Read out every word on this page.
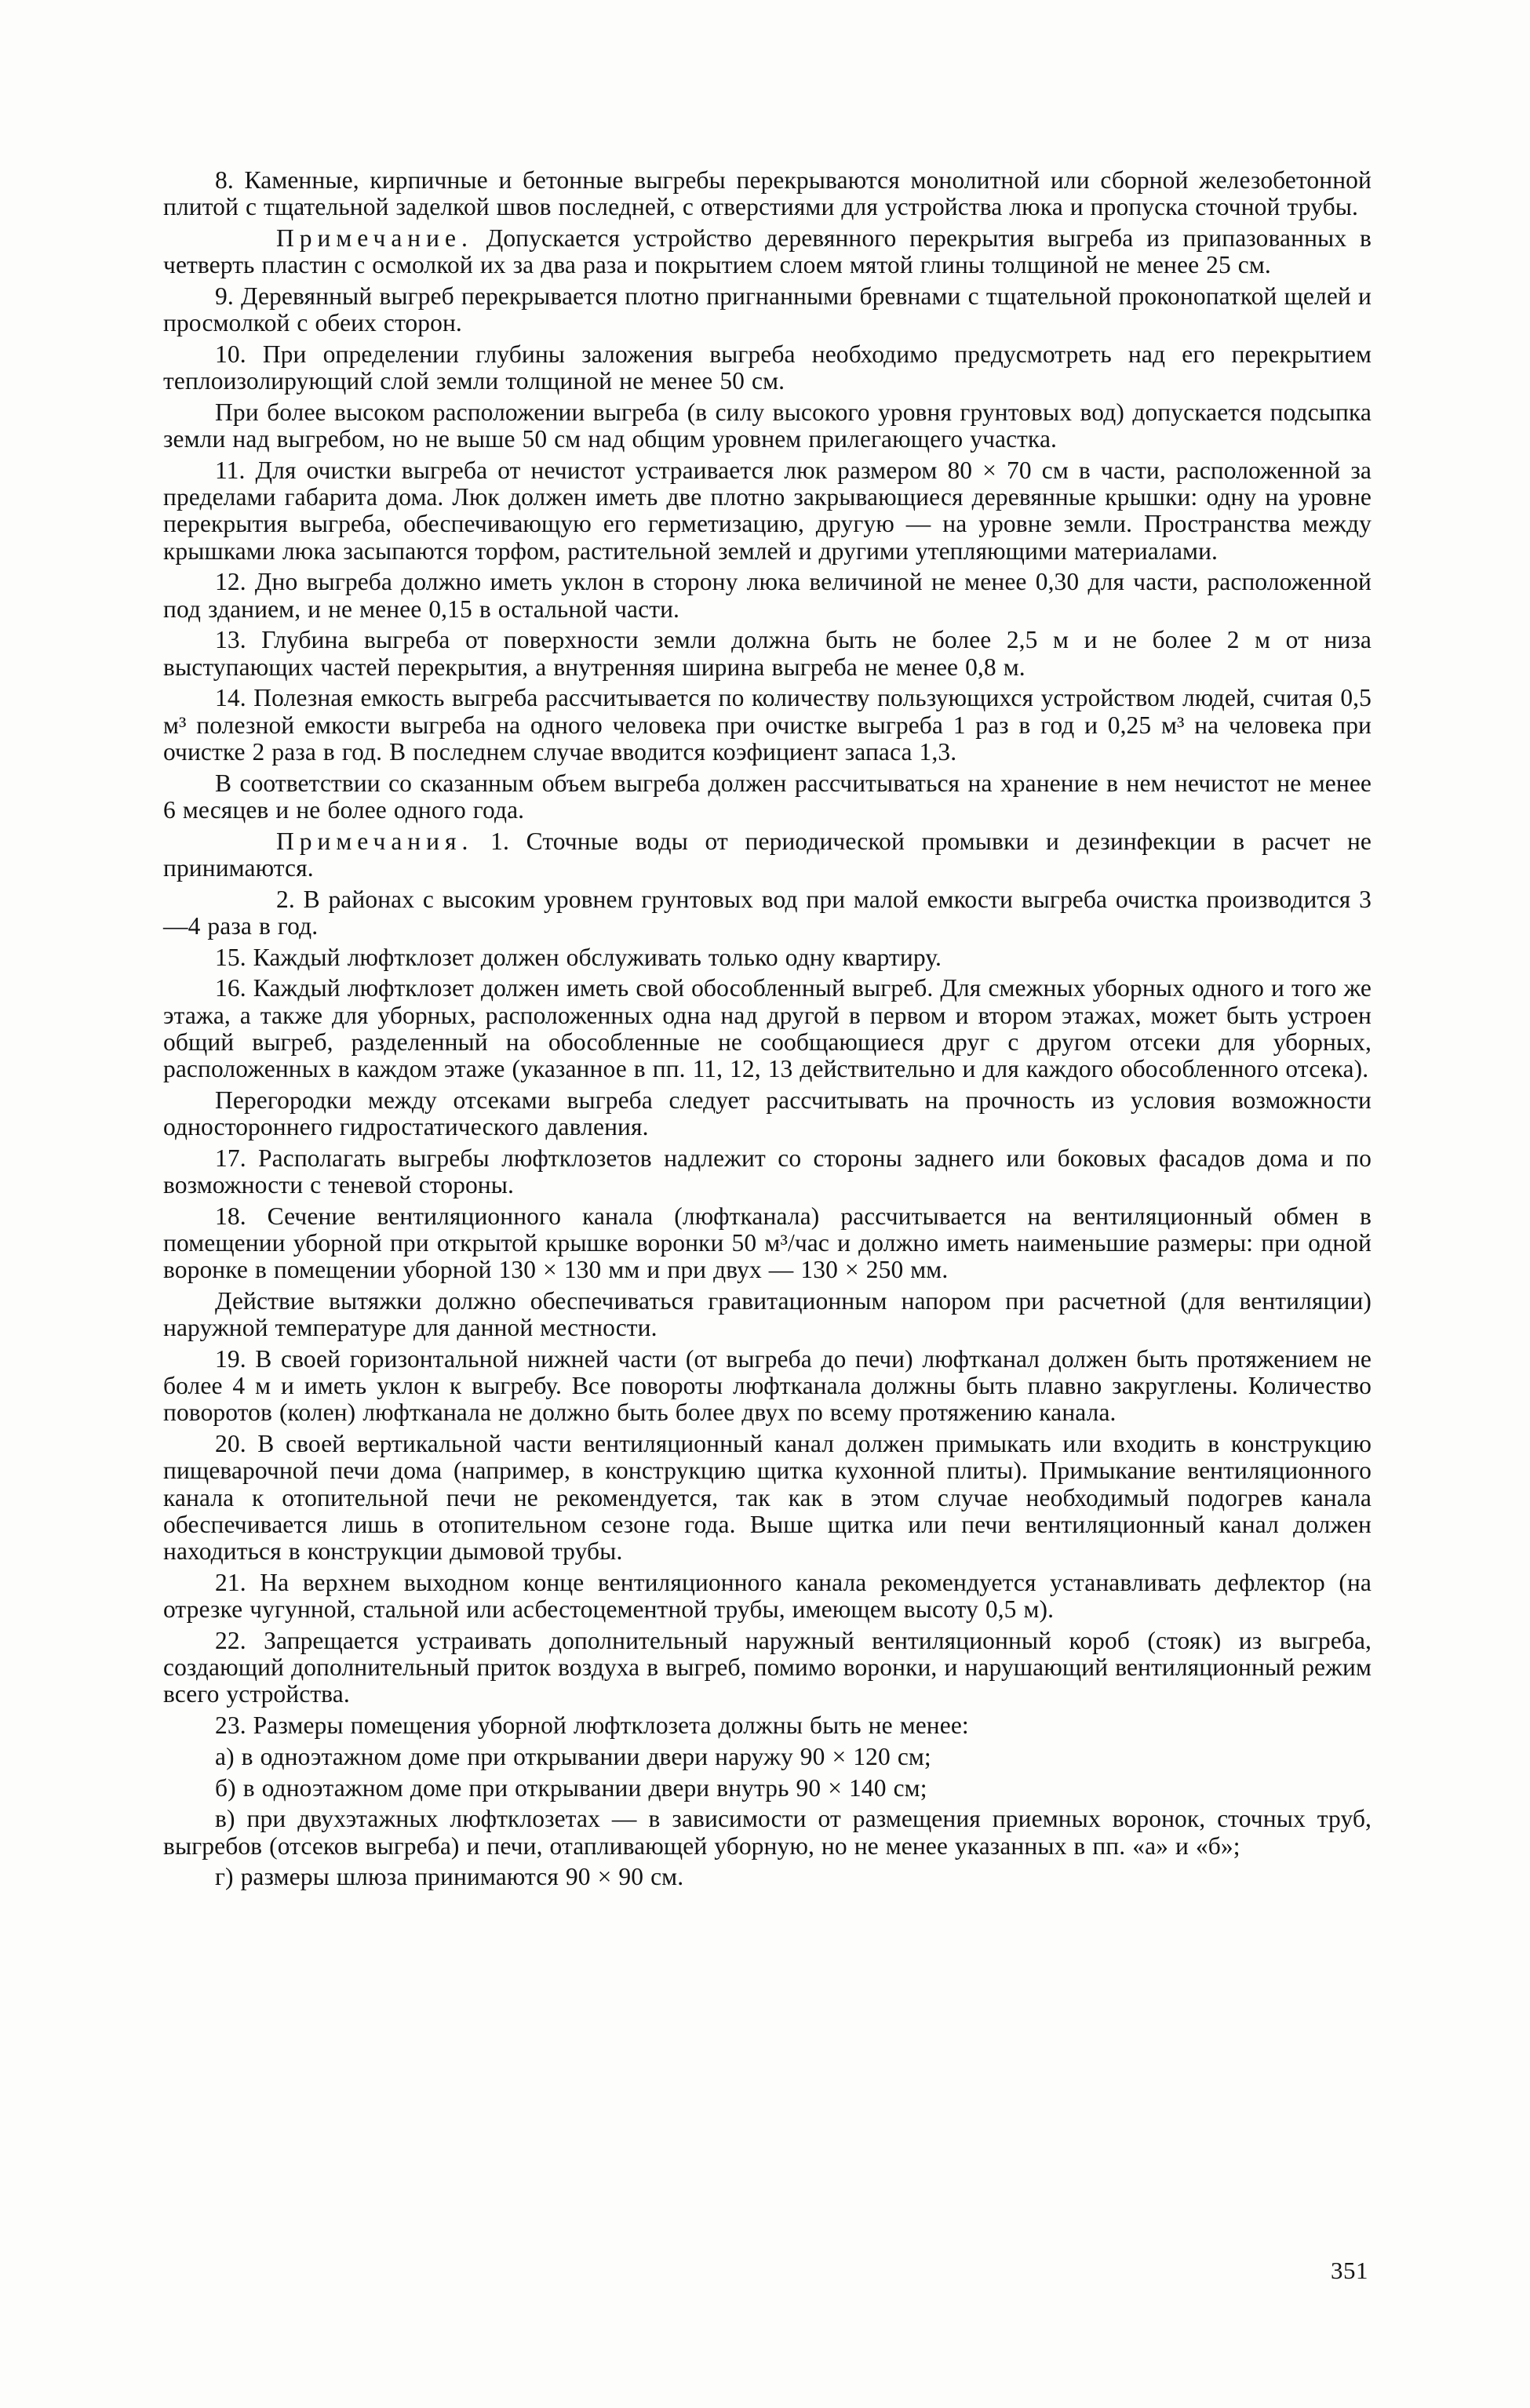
8. Каменные, кирпичные и бетонные выгребы перекрываются монолитной или сборной железобетонной плитой с тщательной заделкой швов последней, с отверстиями для устройства люка и пропуска сточной трубы.

Примечание. Допускается устройство деревянного перекрытия выгреба из припазованных в четверть пластин с осмолкой их за два раза и покрытием слоем мятой глины толщиной не менее 25 см.

9. Деревянный выгреб перекрывается плотно пригнанными бревнами с тщательной проконопаткой щелей и просмолкой с обеих сторон.

10. При определении глубины заложения выгреба необходимо предусмотреть над его перекрытием теплоизолирующий слой земли толщиной не менее 50 см.

При более высоком расположении выгреба (в силу высокого уровня грунтовых вод) допускается подсыпка земли над выгребом, но не выше 50 см над общим уровнем прилегающего участка.

11. Для очистки выгреба от нечистот устраивается люк размером 80 × 70 см в части, расположенной за пределами габарита дома. Люк должен иметь две плотно закрывающиеся деревянные крышки: одну на уровне перекрытия выгреба, обеспечивающую его герметизацию, другую — на уровне земли. Пространства между крышками люка засыпаются торфом, растительной землей и другими утепляющими материалами.

12. Дно выгреба должно иметь уклон в сторону люка величиной не менее 0,30 для части, расположенной под зданием, и не менее 0,15 в остальной части.

13. Глубина выгреба от поверхности земли должна быть не более 2,5 м и не более 2 м от низа выступающих частей перекрытия, а внутренняя ширина выгреба не менее 0,8 м.

14. Полезная емкость выгреба рассчитывается по количеству пользующихся устройством людей, считая 0,5 м³ полезной емкости выгреба на одного человека при очистке выгреба 1 раз в год и 0,25 м³ на человека при очистке 2 раза в год. В последнем случае вводится коэфициент запаса 1,3.

В соответствии со сказанным объем выгреба должен рассчитываться на хранение в нем нечистот не менее 6 месяцев и не более одного года.

Примечания. 1. Сточные воды от периодической промывки и дезинфекции в расчет не принимаются.

2. В районах с высоким уровнем грунтовых вод при малой емкости выгреба очистка производится 3—4 раза в год.

15. Каждый люфтклозет должен обслуживать только одну квартиру.

16. Каждый люфтклозет должен иметь свой обособленный выгреб. Для смежных уборных одного и того же этажа, а также для уборных, расположенных одна над другой в первом и втором этажах, может быть устроен общий выгреб, разделенный на обособленные не сообщающиеся друг с другом отсеки для уборных, расположенных в каждом этаже (указанное в пп. 11, 12, 13 действительно и для каждого обособленного отсека).

Перегородки между отсеками выгреба следует рассчитывать на прочность из условия возможности одностороннего гидростатического давления.

17. Располагать выгребы люфтклозетов надлежит со стороны заднего или боковых фасадов дома и по возможности с теневой стороны.

18. Сечение вентиляционного канала (люфтканала) рассчитывается на вентиляционный обмен в помещении уборной при открытой крышке воронки 50 м³/час и должно иметь наименьшие размеры: при одной воронке в помещении уборной 130 × 130 мм и при двух — 130 × 250 мм.

Действие вытяжки должно обеспечиваться гравитационным напором при расчетной (для вентиляции) наружной температуре для данной местности.

19. В своей горизонтальной нижней части (от выгреба до печи) люфтканал должен быть протяжением не более 4 м и иметь уклон к выгребу. Все повороты люфтканала должны быть плавно закруглены. Количество поворотов (колен) люфтканала не должно быть более двух по всему протяжению канала.

20. В своей вертикальной части вентиляционный канал должен примыкать или входить в конструкцию пищеварочной печи дома (например, в конструкцию щитка кухонной плиты). Примыкание вентиляционного канала к отопительной печи не рекомендуется, так как в этом случае необходимый подогрев канала обеспечивается лишь в отопительном сезоне года. Выше щитка или печи вентиляционный канал должен находиться в конструкции дымовой трубы.

21. На верхнем выходном конце вентиляционного канала рекомендуется устанавливать дефлектор (на отрезке чугунной, стальной или асбестоцементной трубы, имеющем высоту 0,5 м).

22. Запрещается устраивать дополнительный наружный вентиляционный короб (стояк) из выгреба, создающий дополнительный приток воздуха в выгреб, помимо воронки, и нарушающий вентиляционный режим всего устройства.

23. Размеры помещения уборной люфтклозета должны быть не менее:

а) в одноэтажном доме при открывании двери наружу 90 × 120 см;

б) в одноэтажном доме при открывании двери внутрь 90 × 140 см;

в) при двухэтажных люфтклозетах — в зависимости от размещения приемных воронок, сточных труб, выгребов (отсеков выгреба) и печи, отапливающей уборную, но не менее указанных в пп. «а» и «б»;

г) размеры шлюза принимаются 90 × 90 см.

351
